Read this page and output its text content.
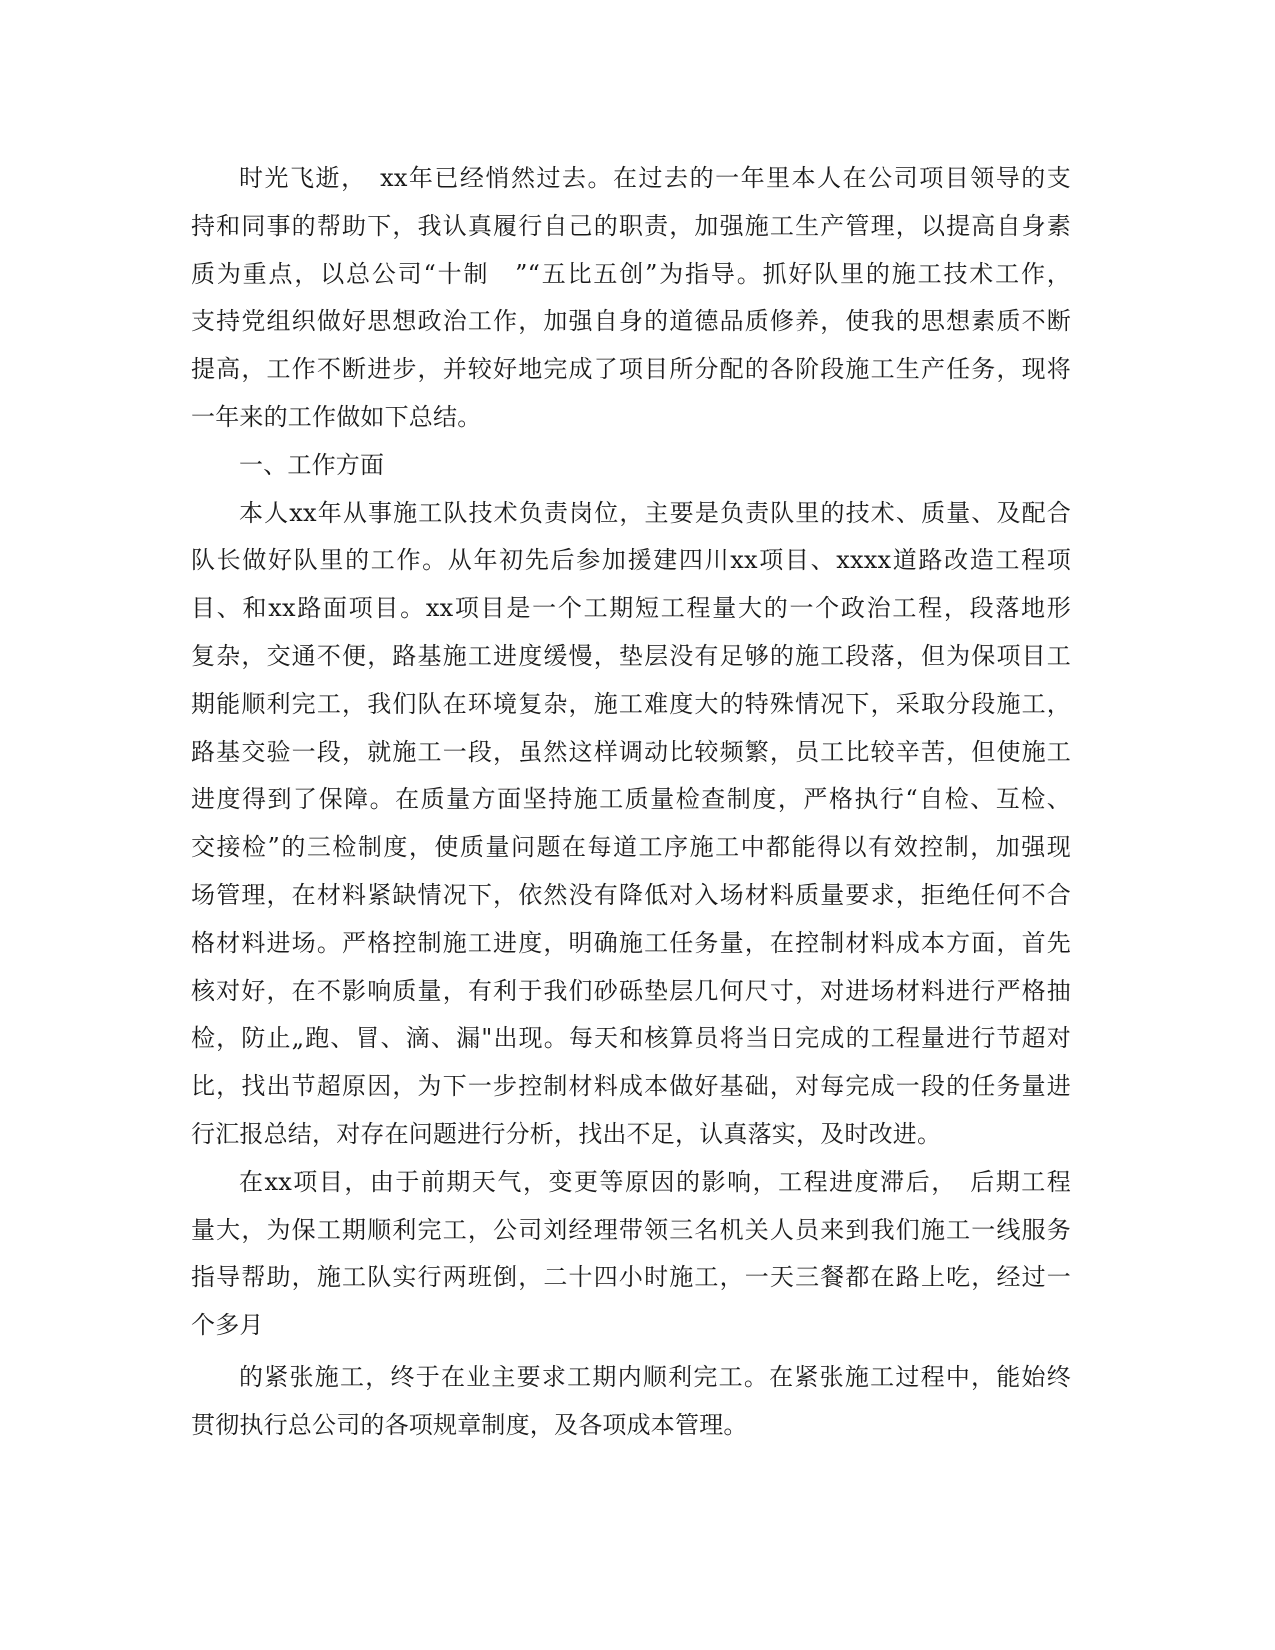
时光飞逝，　xx年已经悄然过去。在过去的一年里本人在公司项目领导的支
持和同事的帮助下，我认真履行自己的职责，加强施工生产管理，以提高自身素
质为重点，以总公司“十制　”“五比五创”为指导。抓好队里的施工技术工作，
支持党组织做好思想政治工作，加强自身的道德品质修养，使我的思想素质不断
提高，工作不断进步，并较好地完成了项目所分配的各阶段施工生产任务，现将
一年来的工作做如下总结。
一、工作方面
本人xx年从事施工队技术负责岗位，主要是负责队里的技术、质量、及配合
队长做好队里的工作。从年初先后参加援建四川xx项目、xxxx道路改造工程项
目、和xx路面项目。xx项目是一个工期短工程量大的一个政治工程，段落地形
复杂，交通不便，路基施工进度缓慢，垫层没有足够的施工段落，但为保项目工
期能顺利完工，我们队在环境复杂，施工难度大的特殊情况下，采取分段施工，
路基交验一段，就施工一段，虽然这样调动比较频繁，员工比较辛苦，但使施工
进度得到了保障。在质量方面坚持施工质量检查制度，严格执行“自检、互检、
交接检”的三检制度，使质量问题在每道工序施工中都能得以有效控制，加强现
场管理，在材料紧缺情况下，依然没有降低对入场材料质量要求，拒绝任何不合
格材料进场。严格控制施工进度，明确施工任务量，在控制材料成本方面，首先
核对好，在不影响质量，有利于我们砂砾垫层几何尺寸，对进场材料进行严格抽
检，防止„跑、冒、滴、漏"出现。每天和核算员将当日完成的工程量进行节超对
比，找出节超原因，为下一步控制材料成本做好基础，对每完成一段的任务量进
行汇报总结，对存在问题进行分析，找出不足，认真落实，及时改进。
在xx项目，由于前期天气，变更等原因的影响，工程进度滞后，　后期工程
量大，为保工期顺利完工，公司刘经理带领三名机关人员来到我们施工一线服务
指导帮助，施工队实行两班倒，二十四小时施工，一天三餐都在路上吃，经过一
个多月
的紧张施工，终于在业主要求工期内顺利完工。在紧张施工过程中，能始终
贯彻执行总公司的各项规章制度，及各项成本管理。
